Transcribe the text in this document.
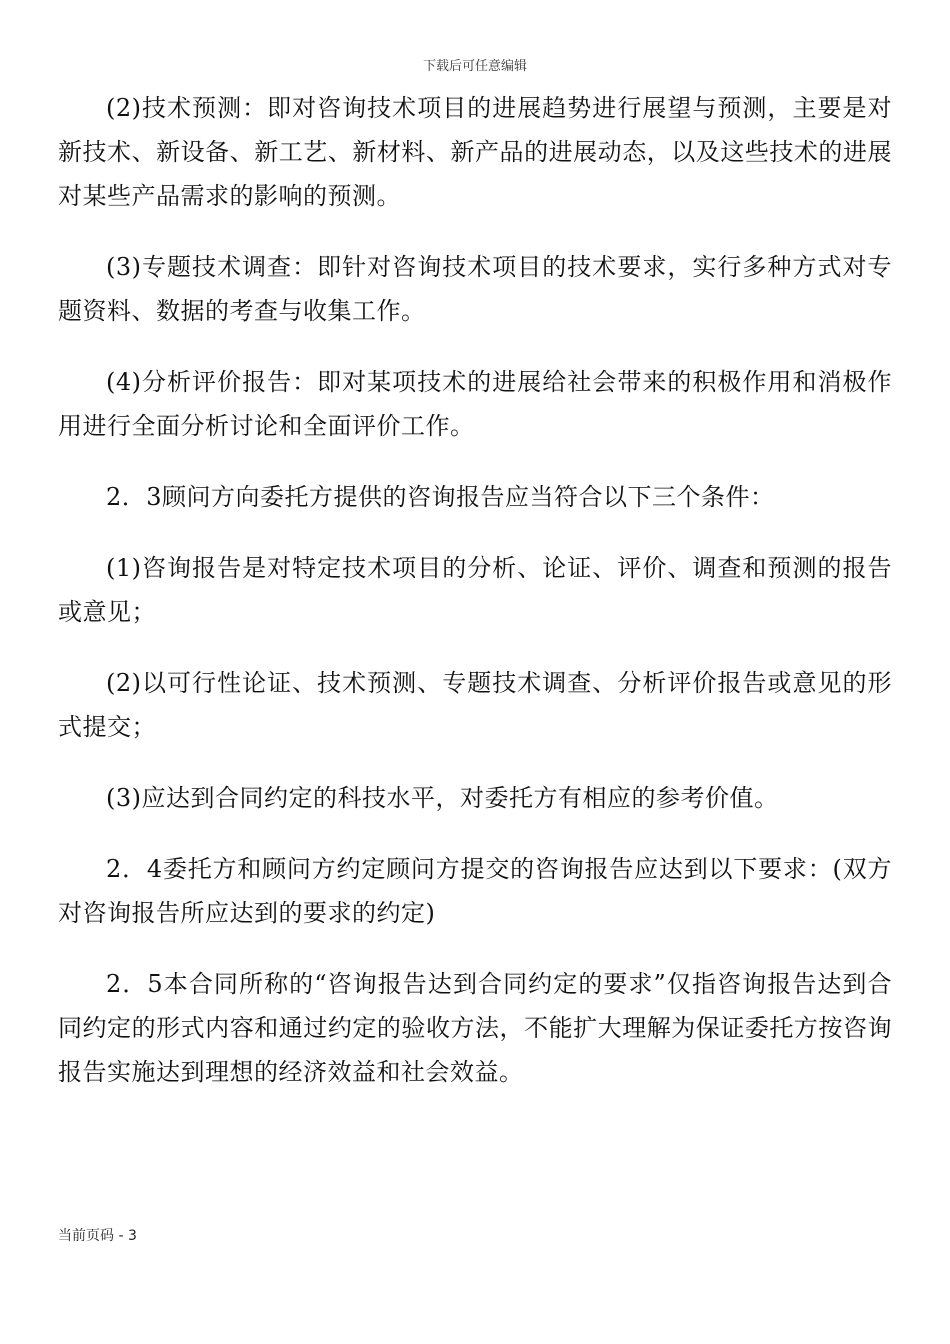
下载后可任意编辑

(2)技术预测：即对咨询技术项目的进展趋势进行展望与预测，主要是对新技术、新设备、新工艺、新材料、新产品的进展动态，以及这些技术的进展对某些产品需求的影响的预测。

(3)专题技术调查：即针对咨询技术项目的技术要求，实行多种方式对专题资料、数据的考查与收集工作。

(4)分析评价报告：即对某项技术的进展给社会带来的积极作用和消极作用进行全面分析讨论和全面评价工作。

2．3顾问方向委托方提供的咨询报告应当符合以下三个条件：

(1)咨询报告是对特定技术项目的分析、论证、评价、调查和预测的报告或意见；

(2)以可行性论证、技术预测、专题技术调查、分析评价报告或意见的形式提交；

(3)应达到合同约定的科技水平，对委托方有相应的参考价值。

2．4委托方和顾问方约定顾问方提交的咨询报告应达到以下要求：(双方对咨询报告所应达到的要求的约定)

2．5本合同所称的“咨询报告达到合同约定的要求”仅指咨询报告达到合同约定的形式内容和通过约定的验收方法，不能扩大理解为保证委托方按咨询报告实施达到理想的经济效益和社会效益。

当前页码 - 3
